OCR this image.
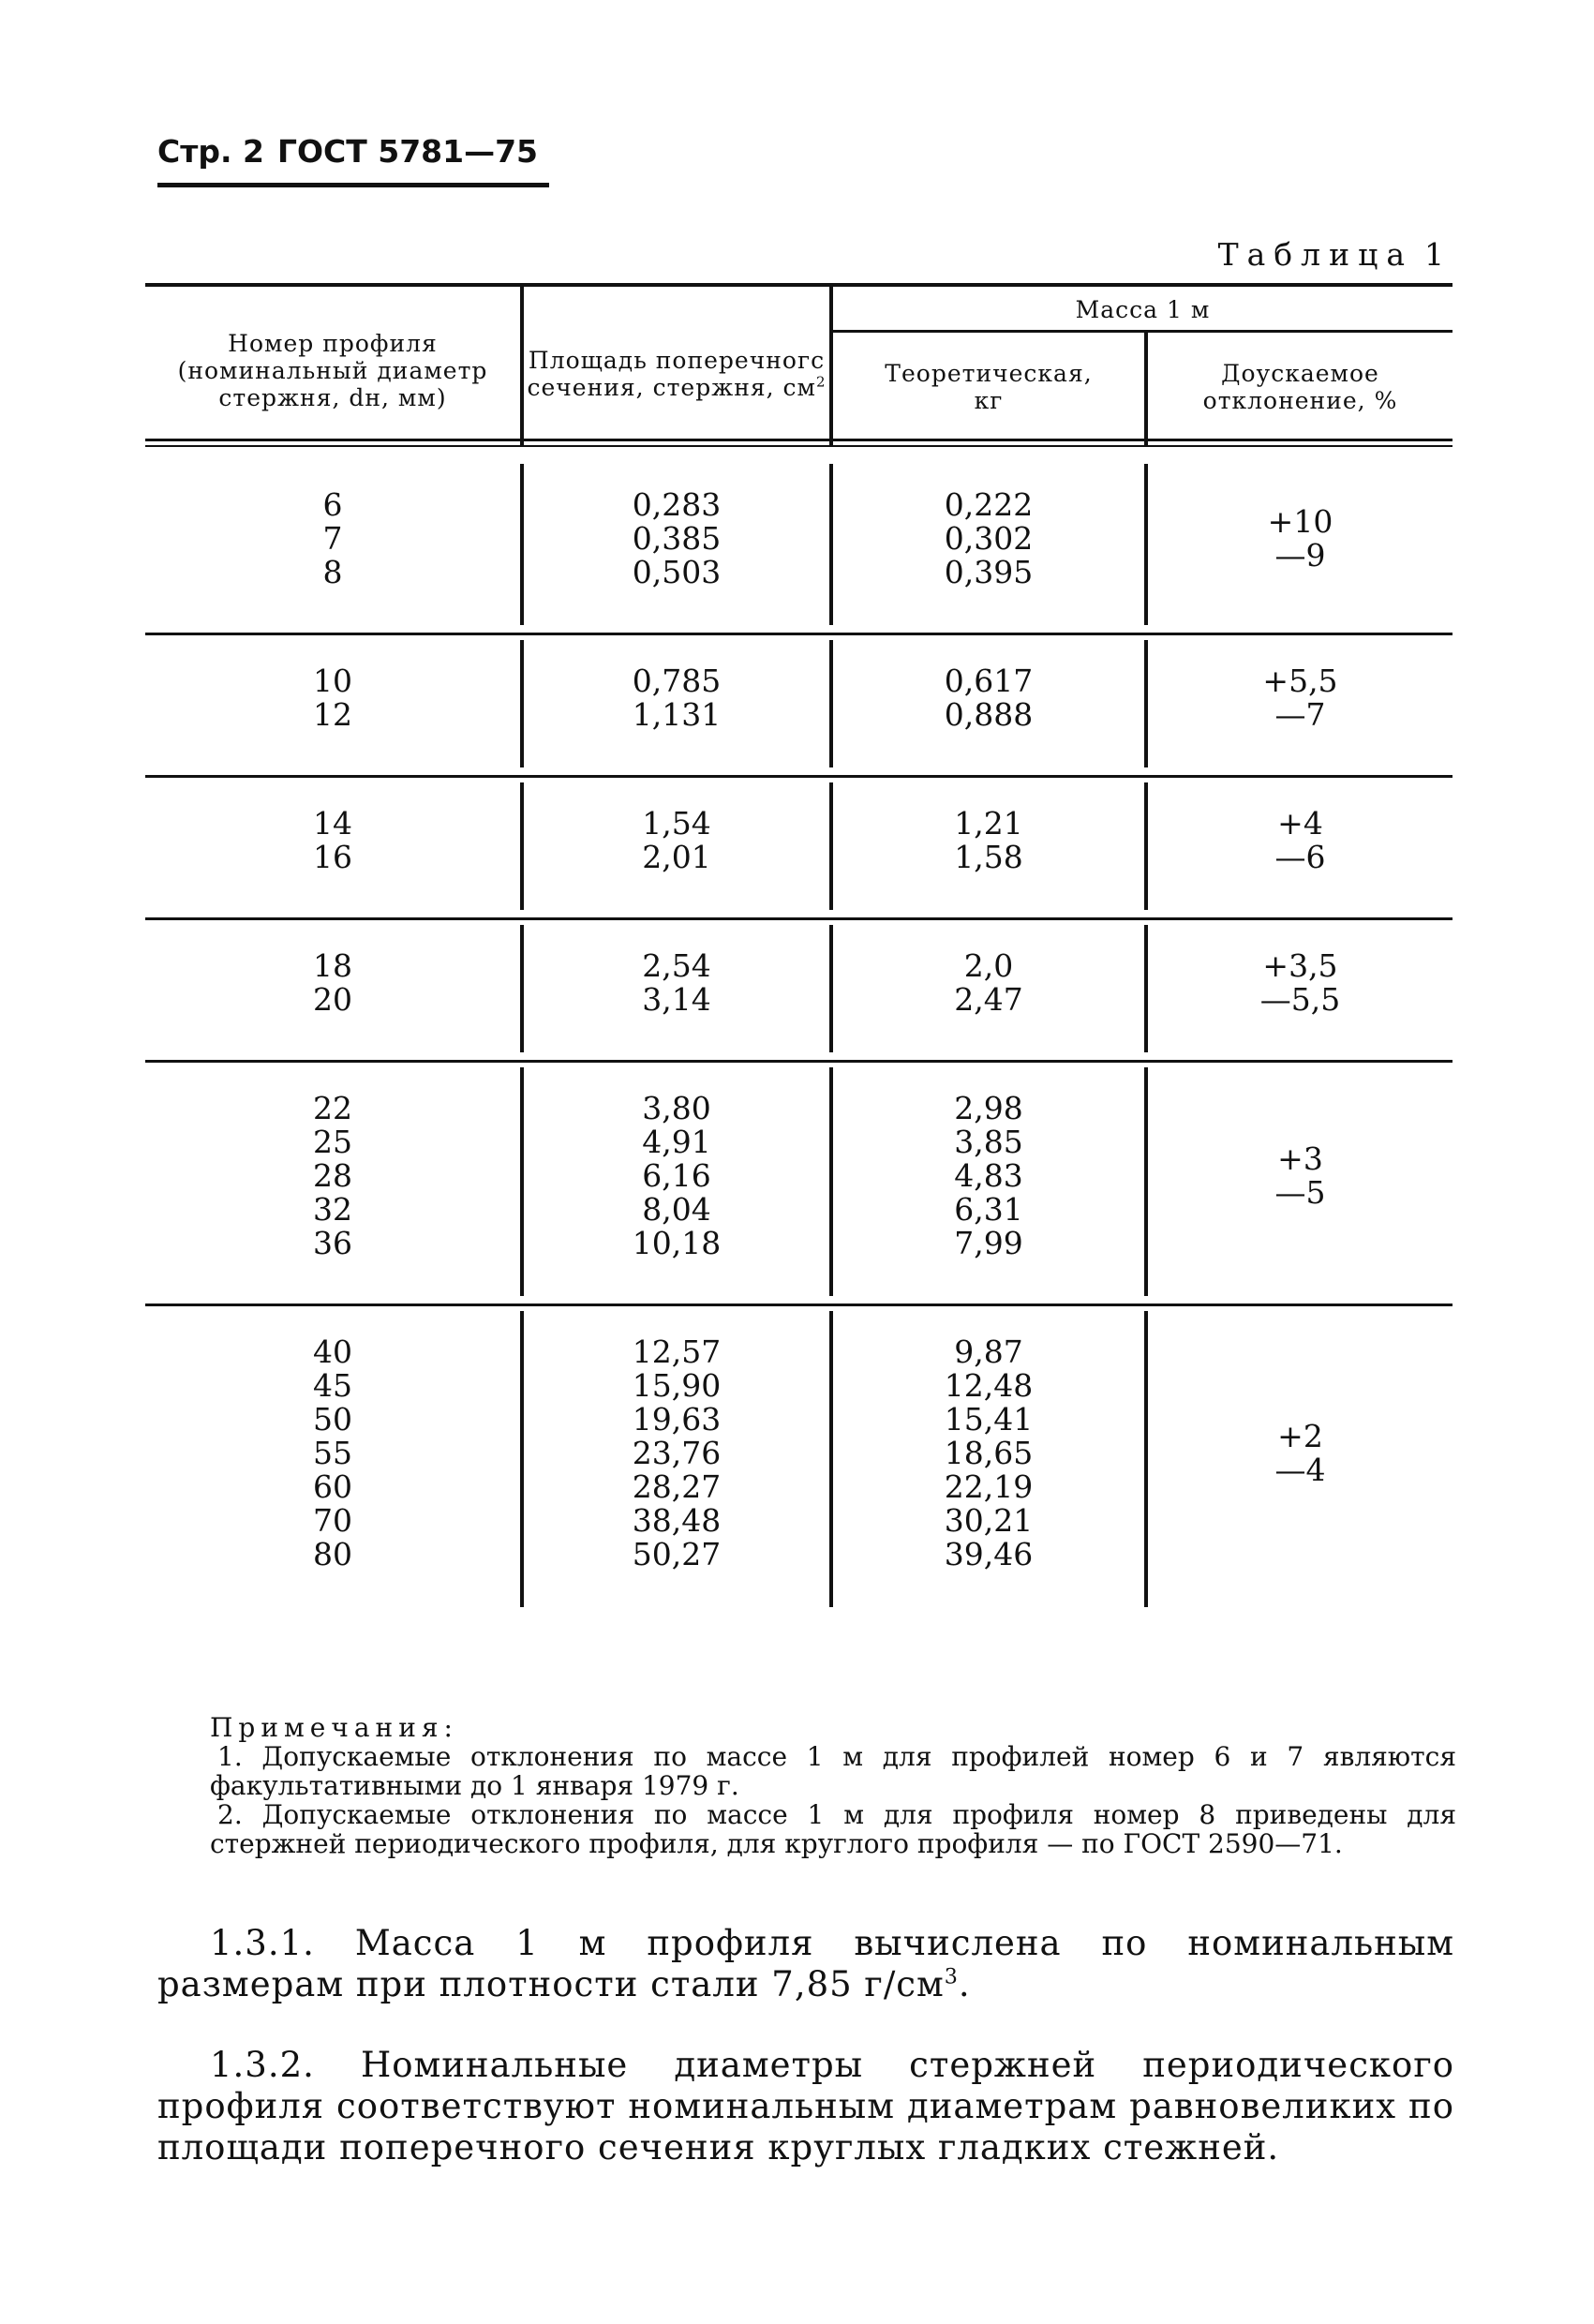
Стр. 2 ГОСТ 5781—75
Таблица 1
Номер профиля
(номинальный диаметр
стержня, dн, мм)
Площадь поперечногс
сечения, стержня, $см^2$
Масса 1 м
Теоретическая,
кг
Доускаемое
отклонение, %
6
7
8
0,283
0,385
0,503
0,222
0,302
0,395
+10
—9
10
12
0,785
1,131
0,617
0,888
+5,5
—7
14
16
1,54
2,01
1,21
1,58
+4
—6
18
20
2,54
3,14
2,0
2,47
+3,5
—5,5
22
25
28
32
36
3,80
4,91
6,16
8,04
10,18
2,98
3,85
4,83
6,31
7,99
+3
—5
40
45
50
55
60
70
80
12,57
15,90
19,63
23,76
28,27
38,48
50,27
9,87
12,48
15,41
18,65
22,19
30,21
39,46
+2
—4

Примечания:

1. Допускаемые отклонения по массе 1 м для профилей номер 6 и 7 являются факультативными до 1 января 1979 г.

2. Допускаемые отклонения по массе 1 м для профиля номер 8 приведены для стержней периодического профиля, для круглого профиля — по ГОСТ 2590—71.

1.3.1. Масса 1 м профиля вычислена по номинальным размерам при плотности стали 7,85 $г/см^3$.

1.3.2. Номинальные диаметры стержней периодического профиля соответствуют номинальным диаметрам равновеликих по площади поперечного сечения круглых гладких стежней.
